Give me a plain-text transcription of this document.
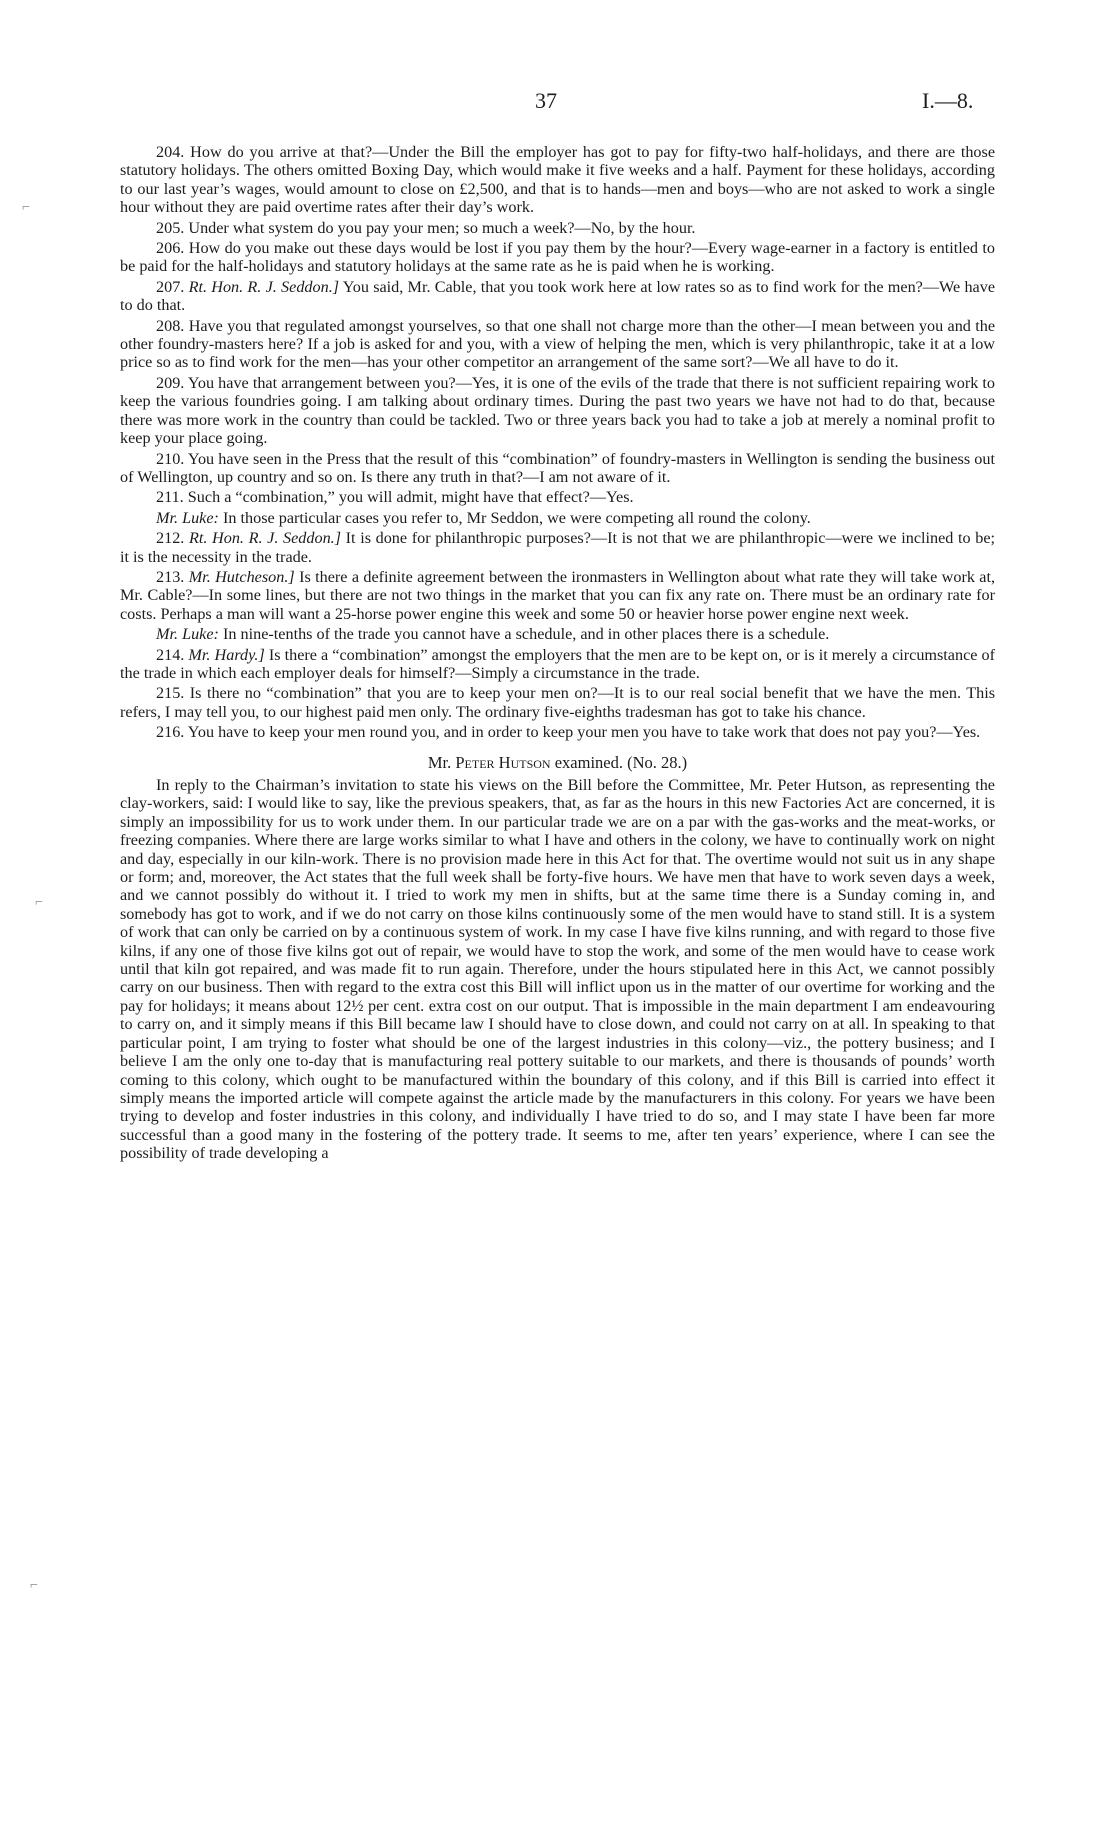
37	I.—8.
⌐
⌐
⌐

204. How do you arrive at that?—Under the Bill the employer has got to pay for fifty-two half-holidays, and there are those statutory holidays. The others omitted Boxing Day, which would make it five weeks and a half. Payment for these holidays, according to our last year’s wages, would amount to close on £2,500, and that is to hands—men and boys—who are not asked to work a single hour without they are paid overtime rates after their day’s work.

205. Under what system do you pay your men; so much a week?—No, by the hour.

206. How do you make out these days would be lost if you pay them by the hour?—Every wage-earner in a factory is entitled to be paid for the half-holidays and statutory holidays at the same rate as he is paid when he is working.

207. Rt. Hon. R. J. Seddon.] You said, Mr. Cable, that you took work here at low rates so as to find work for the men?—We have to do that.

208. Have you that regulated amongst yourselves, so that one shall not charge more than the other—I mean between you and the other foundry-masters here? If a job is asked for and you, with a view of helping the men, which is very philanthropic, take it at a low price so as to find work for the men—has your other competitor an arrangement of the same sort?—We all have to do it.

209. You have that arrangement between you?—Yes, it is one of the evils of the trade that there is not sufficient repairing work to keep the various foundries going. I am talking about ordinary times. During the past two years we have not had to do that, because there was more work in the country than could be tackled. Two or three years back you had to take a job at merely a nominal profit to keep your place going.

210. You have seen in the Press that the result of this “combination” of foundry-masters in Wellington is sending the business out of Wellington, up country and so on. Is there any truth in that?—I am not aware of it.

211. Such a “combination,” you will admit, might have that effect?—Yes.

Mr. Luke: In those particular cases you refer to, Mr Seddon, we were competing all round the colony.

212. Rt. Hon. R. J. Seddon.] It is done for philanthropic purposes?—It is not that we are philanthropic—were we inclined to be; it is the necessity in the trade.

213. Mr. Hutcheson.] Is there a definite agreement between the ironmasters in Wellington about what rate they will take work at, Mr. Cable?—In some lines, but there are not two things in the market that you can fix any rate on. There must be an ordinary rate for costs. Perhaps a man will want a 25-horse power engine this week and some 50 or heavier horse power engine next week.

Mr. Luke: In nine-tenths of the trade you cannot have a schedule, and in other places there is a schedule.

214. Mr. Hardy.] Is there a “combination” amongst the employers that the men are to be kept on, or is it merely a circumstance of the trade in which each employer deals for himself?—Simply a circumstance in the trade.

215. Is there no “combination” that you are to keep your men on?—It is to our real social benefit that we have the men. This refers, I may tell you, to our highest paid men only. The ordinary five-eighths tradesman has got to take his chance.

216. You have to keep your men round you, and in order to keep your men you have to take work that does not pay you?—Yes.

Mr. Peter Hutson examined. (No. 28.)

In reply to the Chairman’s invitation to state his views on the Bill before the Committee, Mr. Peter Hutson, as representing the clay-workers, said: I would like to say, like the previous speakers, that, as far as the hours in this new Factories Act are concerned, it is simply an impossibility for us to work under them. In our particular trade we are on a par with the gas-works and the meat-works, or freezing companies. Where there are large works similar to what I have and others in the colony, we have to continually work on night and day, especially in our kiln-work. There is no provision made here in this Act for that. The overtime would not suit us in any shape or form; and, moreover, the Act states that the full week shall be forty-five hours. We have men that have to work seven days a week, and we cannot possibly do without it. I tried to work my men in shifts, but at the same time there is a Sunday coming in, and somebody has got to work, and if we do not carry on those kilns continuously some of the men would have to stand still. It is a system of work that can only be carried on by a continuous system of work. In my case I have five kilns running, and with regard to those five kilns, if any one of those five kilns got out of repair, we would have to stop the work, and some of the men would have to cease work until that kiln got repaired, and was made fit to run again. Therefore, under the hours stipulated here in this Act, we cannot possibly carry on our business. Then with regard to the extra cost this Bill will inflict upon us in the matter of our overtime for working and the pay for holidays; it means about 12½ per cent. extra cost on our output. That is impossible in the main department I am endeavouring to carry on, and it simply means if this Bill became law I should have to close down, and could not carry on at all. In speaking to that particular point, I am trying to foster what should be one of the largest industries in this colony—viz., the pottery business; and I believe I am the only one to-day that is manufacturing real pottery suitable to our markets, and there is thousands of pounds’ worth coming to this colony, which ought to be manufactured within the boundary of this colony, and if this Bill is carried into effect it simply means the imported article will compete against the article made by the manufacturers in this colony. For years we have been trying to develop and foster industries in this colony, and individually I have tried to do so, and I may state I have been far more successful than a good many in the fostering of the pottery trade. It seems to me, after ten years’ experience, where I can see the possibility of trade developing a
